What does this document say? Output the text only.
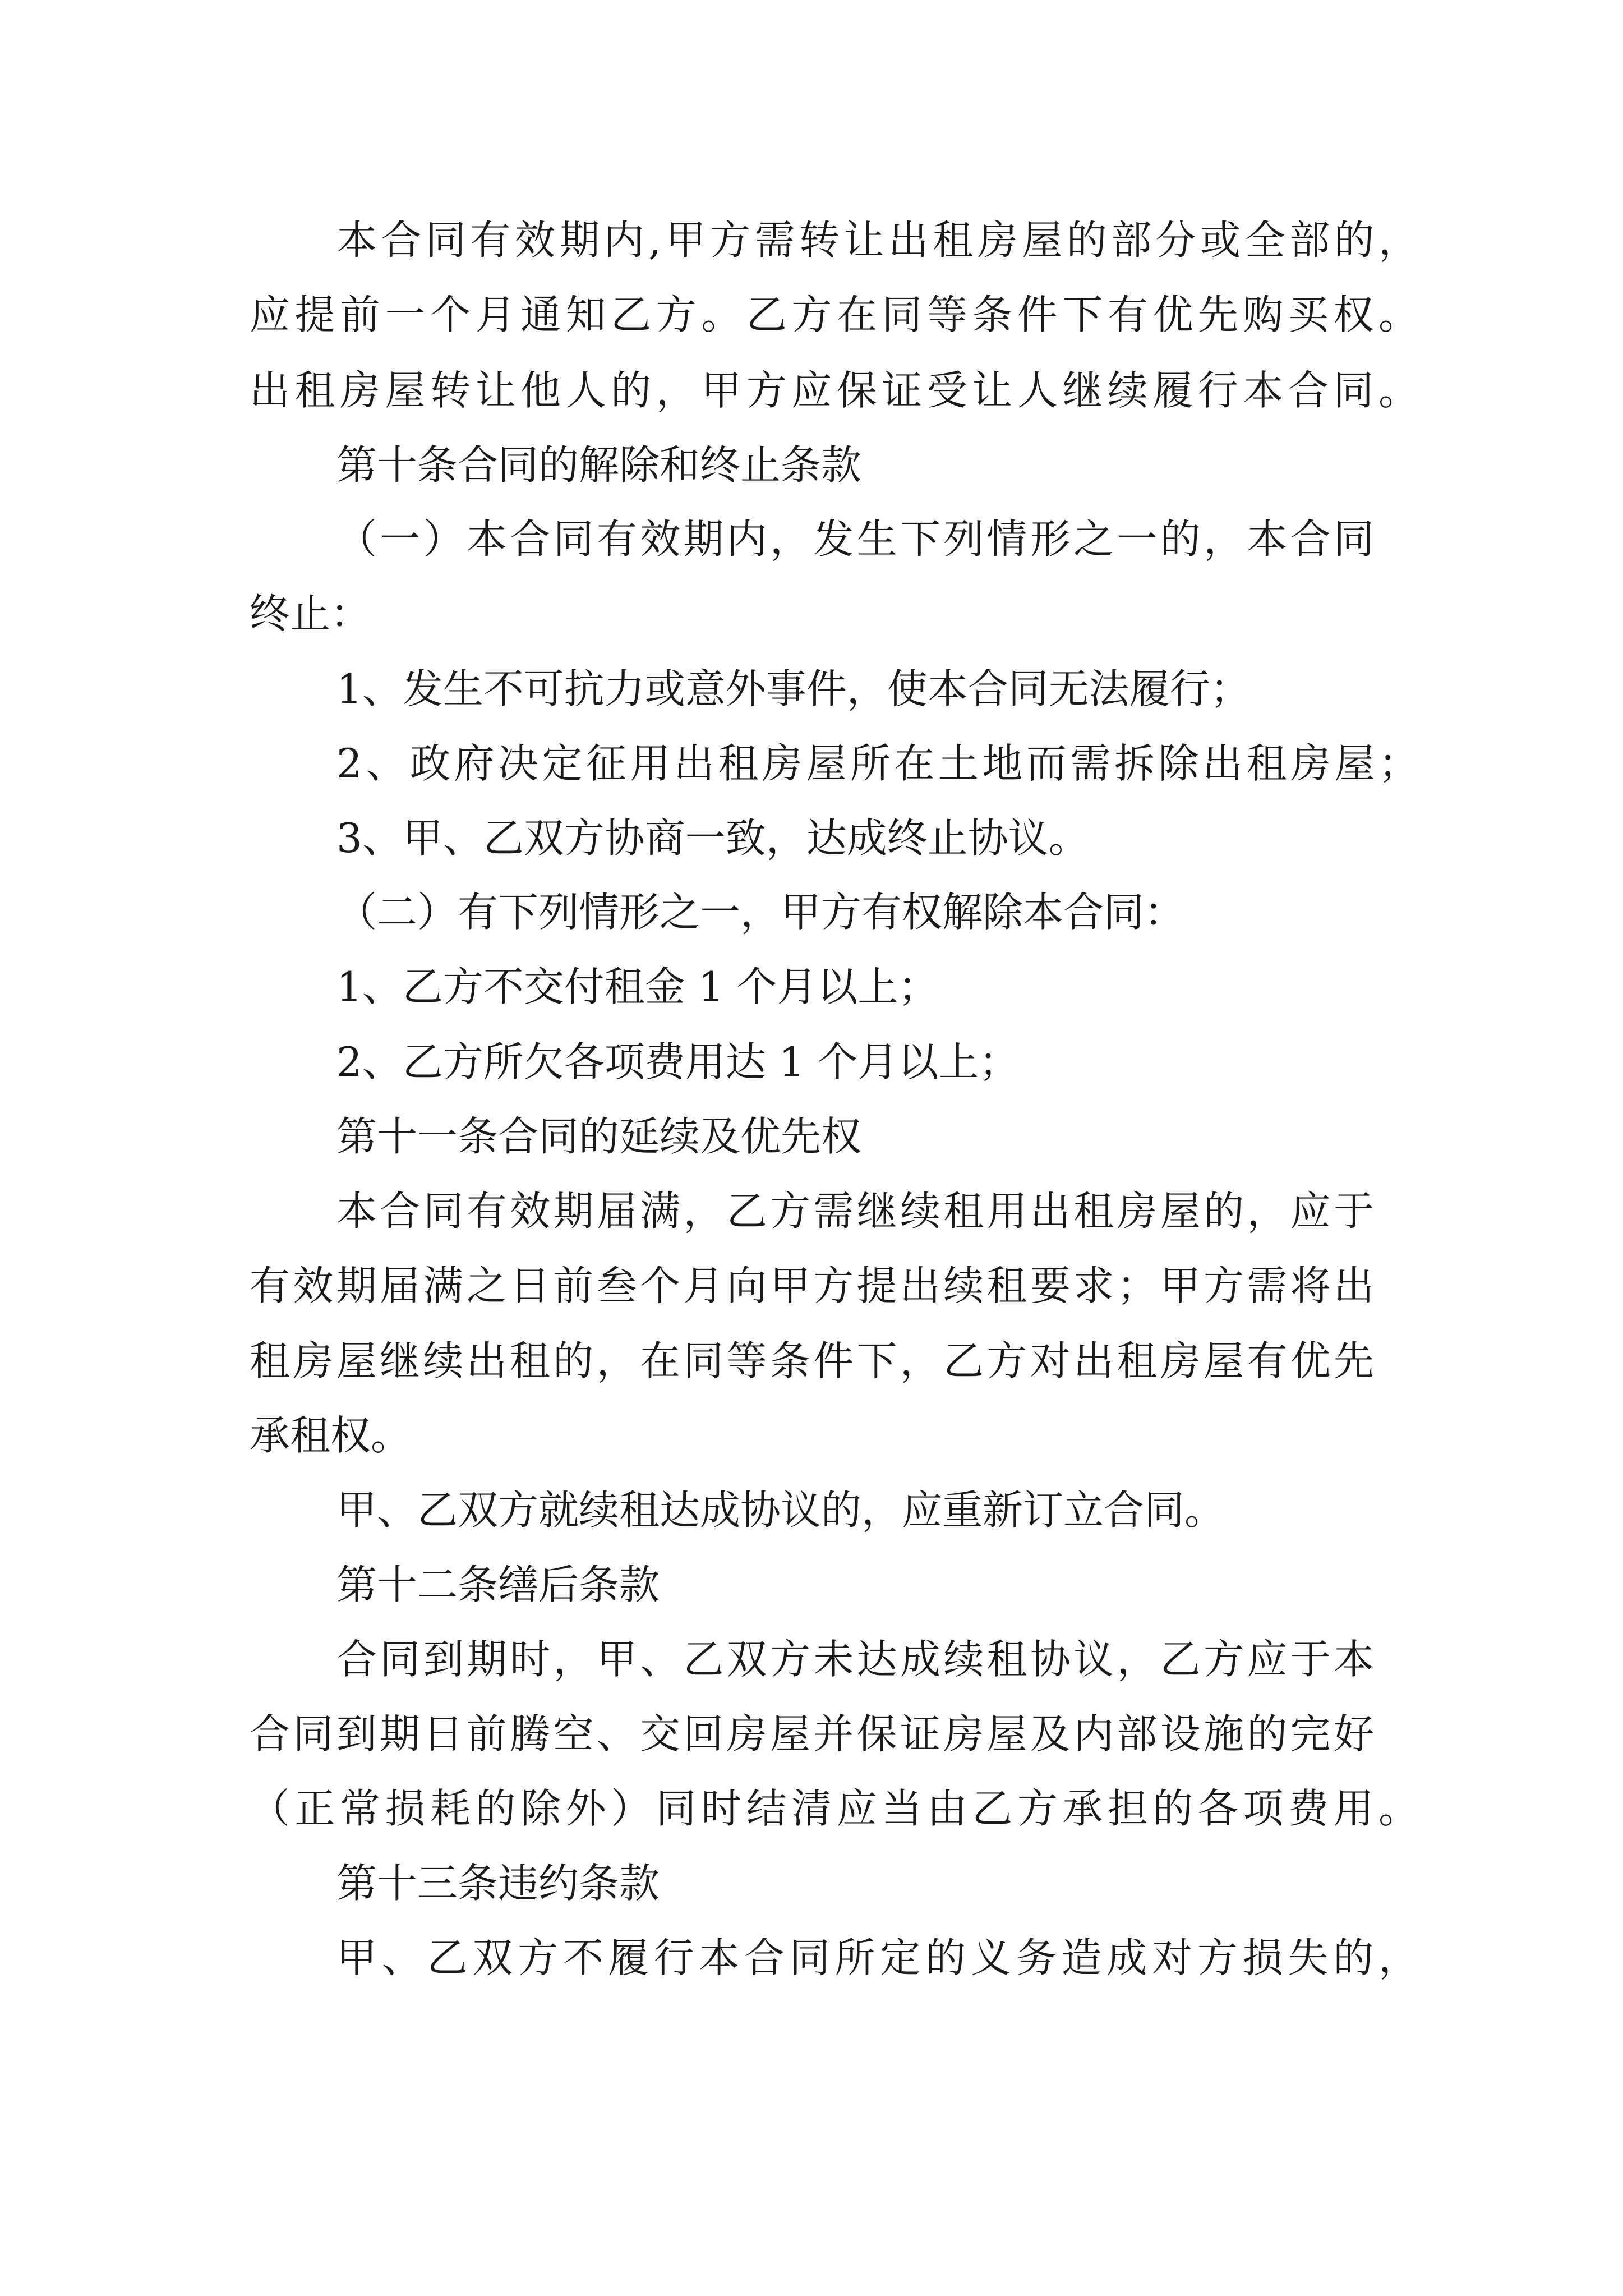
本合同有效期内,甲方需转让出租房屋的部分或全部的，

应提前一个月通知乙方。乙方在同等条件下有优先购买权。

出租房屋转让他人的，甲方应保证受让人继续履行本合同。

第十条合同的解除和终止条款

（一）本合同有效期内，发生下列情形之一的，本合同

终止：

1、发生不可抗力或意外事件，使本合同无法履行；

2、政府决定征用出租房屋所在土地而需拆除出租房屋；

3、甲、乙双方协商一致，达成终止协议。

（二）有下列情形之一，甲方有权解除本合同：

1、乙方不交付租金 1 个月以上；

2、乙方所欠各项费用达 1 个月以上；

第十一条合同的延续及优先权

本合同有效期届满，乙方需继续租用出租房屋的，应于

有效期届满之日前叁个月向甲方提出续租要求；甲方需将出

租房屋继续出租的，在同等条件下，乙方对出租房屋有优先

承租权。

甲、乙双方就续租达成协议的，应重新订立合同。

第十二条缮后条款

合同到期时，甲、乙双方未达成续租协议，乙方应于本

合同到期日前腾空、交回房屋并保证房屋及内部设施的完好

（正常损耗的除外）同时结清应当由乙方承担的各项费用。

第十三条违约条款

甲、乙双方不履行本合同所定的义务造成对方损失的，
